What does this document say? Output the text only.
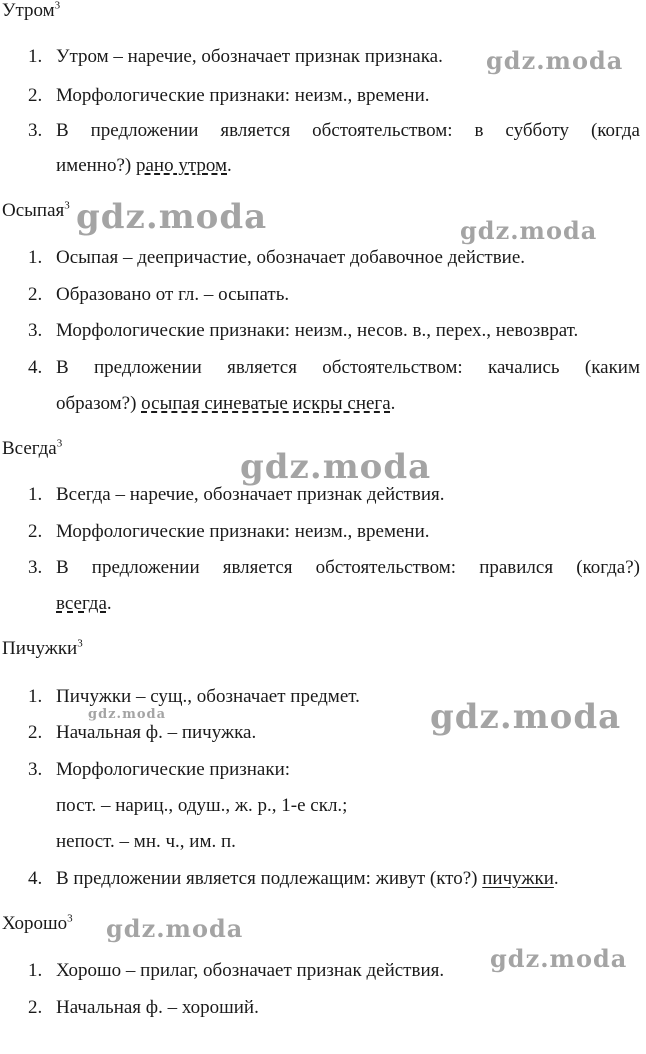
Утром$^3$
1. Утром – наречие, обозначает признак признака.
2. Морфологические признаки: неизм., времени.
3. В предложении является обстоятельством: в субботу (когда
именно?) рано утром.
Осыпая$^3$
1. Осыпая – деепричастие, обозначает добавочное действие.
2. Образовано от гл. – осыпать.
3. Морфологические признаки: неизм., несов. в., перех., невозврат.
4. В предложении является обстоятельством: качались (каким
образом?) осыпая синеватые искры снега.
Всегда$^3$
1. Всегда – наречие, обозначает признак действия.
2. Морфологические признаки: неизм., времени.
3. В предложении является обстоятельством: правился (когда?)
всегда.
Пичужки$^3$
1. Пичужки – сущ., обозначает предмет.
2. Начальная ф. – пичужка.
3. Морфологические признаки:
пост. – нариц., одуш., ж. р., 1-е скл.;
непост. – мн. ч., им. п.
4. В предложении является подлежащим: живут (кто?) пичужки.
Хорошо$^3$
1. Хорошо – прилаг, обозначает признак действия.
2. Начальная ф. – хороший.
gdz.moda
gdz.moda	gdz.moda
gdz.moda
gdz.moda	gdz.moda
gdz.moda
gdz.moda
